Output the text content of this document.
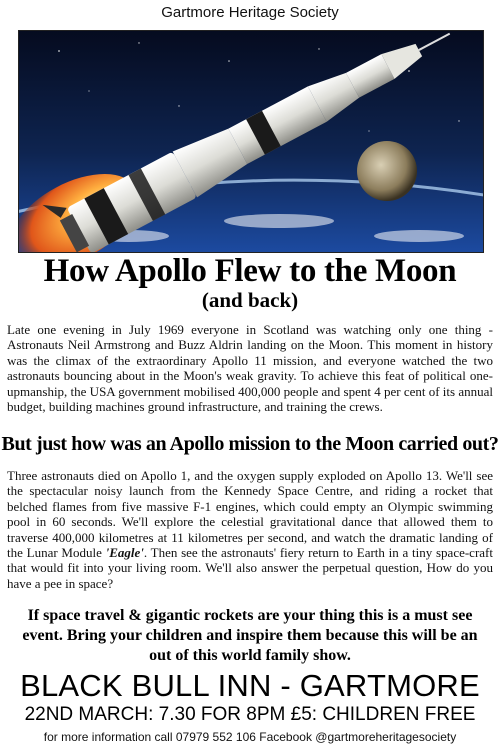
Gartmore Heritage Society
How Apollo Flew to the Moon
(and back)
Late one evening in July 1969 everyone in Scotland was watching only one thing - Astronauts Neil Armstrong and Buzz Aldrin landing on the Moon. This moment in history was the climax of the extraordinary Apollo 11 mission, and everyone watched the two astronauts bouncing about in the Moon's weak gravity. To achieve this feat of political one-upmanship, the USA government mobilised 400,000 people and spent 4 per cent of its annual budget, building machines ground infrastructure, and training the crews.
But just how was an Apollo mission to the Moon carried out?
Three astronauts died on Apollo 1, and the oxygen supply exploded on Apollo 13. We'll see the spectacular noisy launch from the Kennedy Space Centre, and riding a rocket that belched flames from five massive F-1 engines, which could empty an Olympic swimming pool in 60 seconds. We'll explore the celestial gravitational dance that allowed them to traverse 400,000 kilometres at 11 kilometres per second, and watch the dramatic landing of the Lunar Module 'Eagle'. Then see the astronauts' fiery return to Earth in a tiny space-craft that would fit into your living room. We'll also answer the perpetual question, How do you have a pee in space?
If space travel & gigantic rockets are your thing this is a must see event. Bring your children and inspire them because this will be an out of this world family show.
BLACK BULL INN - GARTMORE
22ND MARCH: 7.30 FOR 8PM £5: CHILDREN FREE
for more information call 07979 552 106 Facebook @gartmoreheritagesociety
